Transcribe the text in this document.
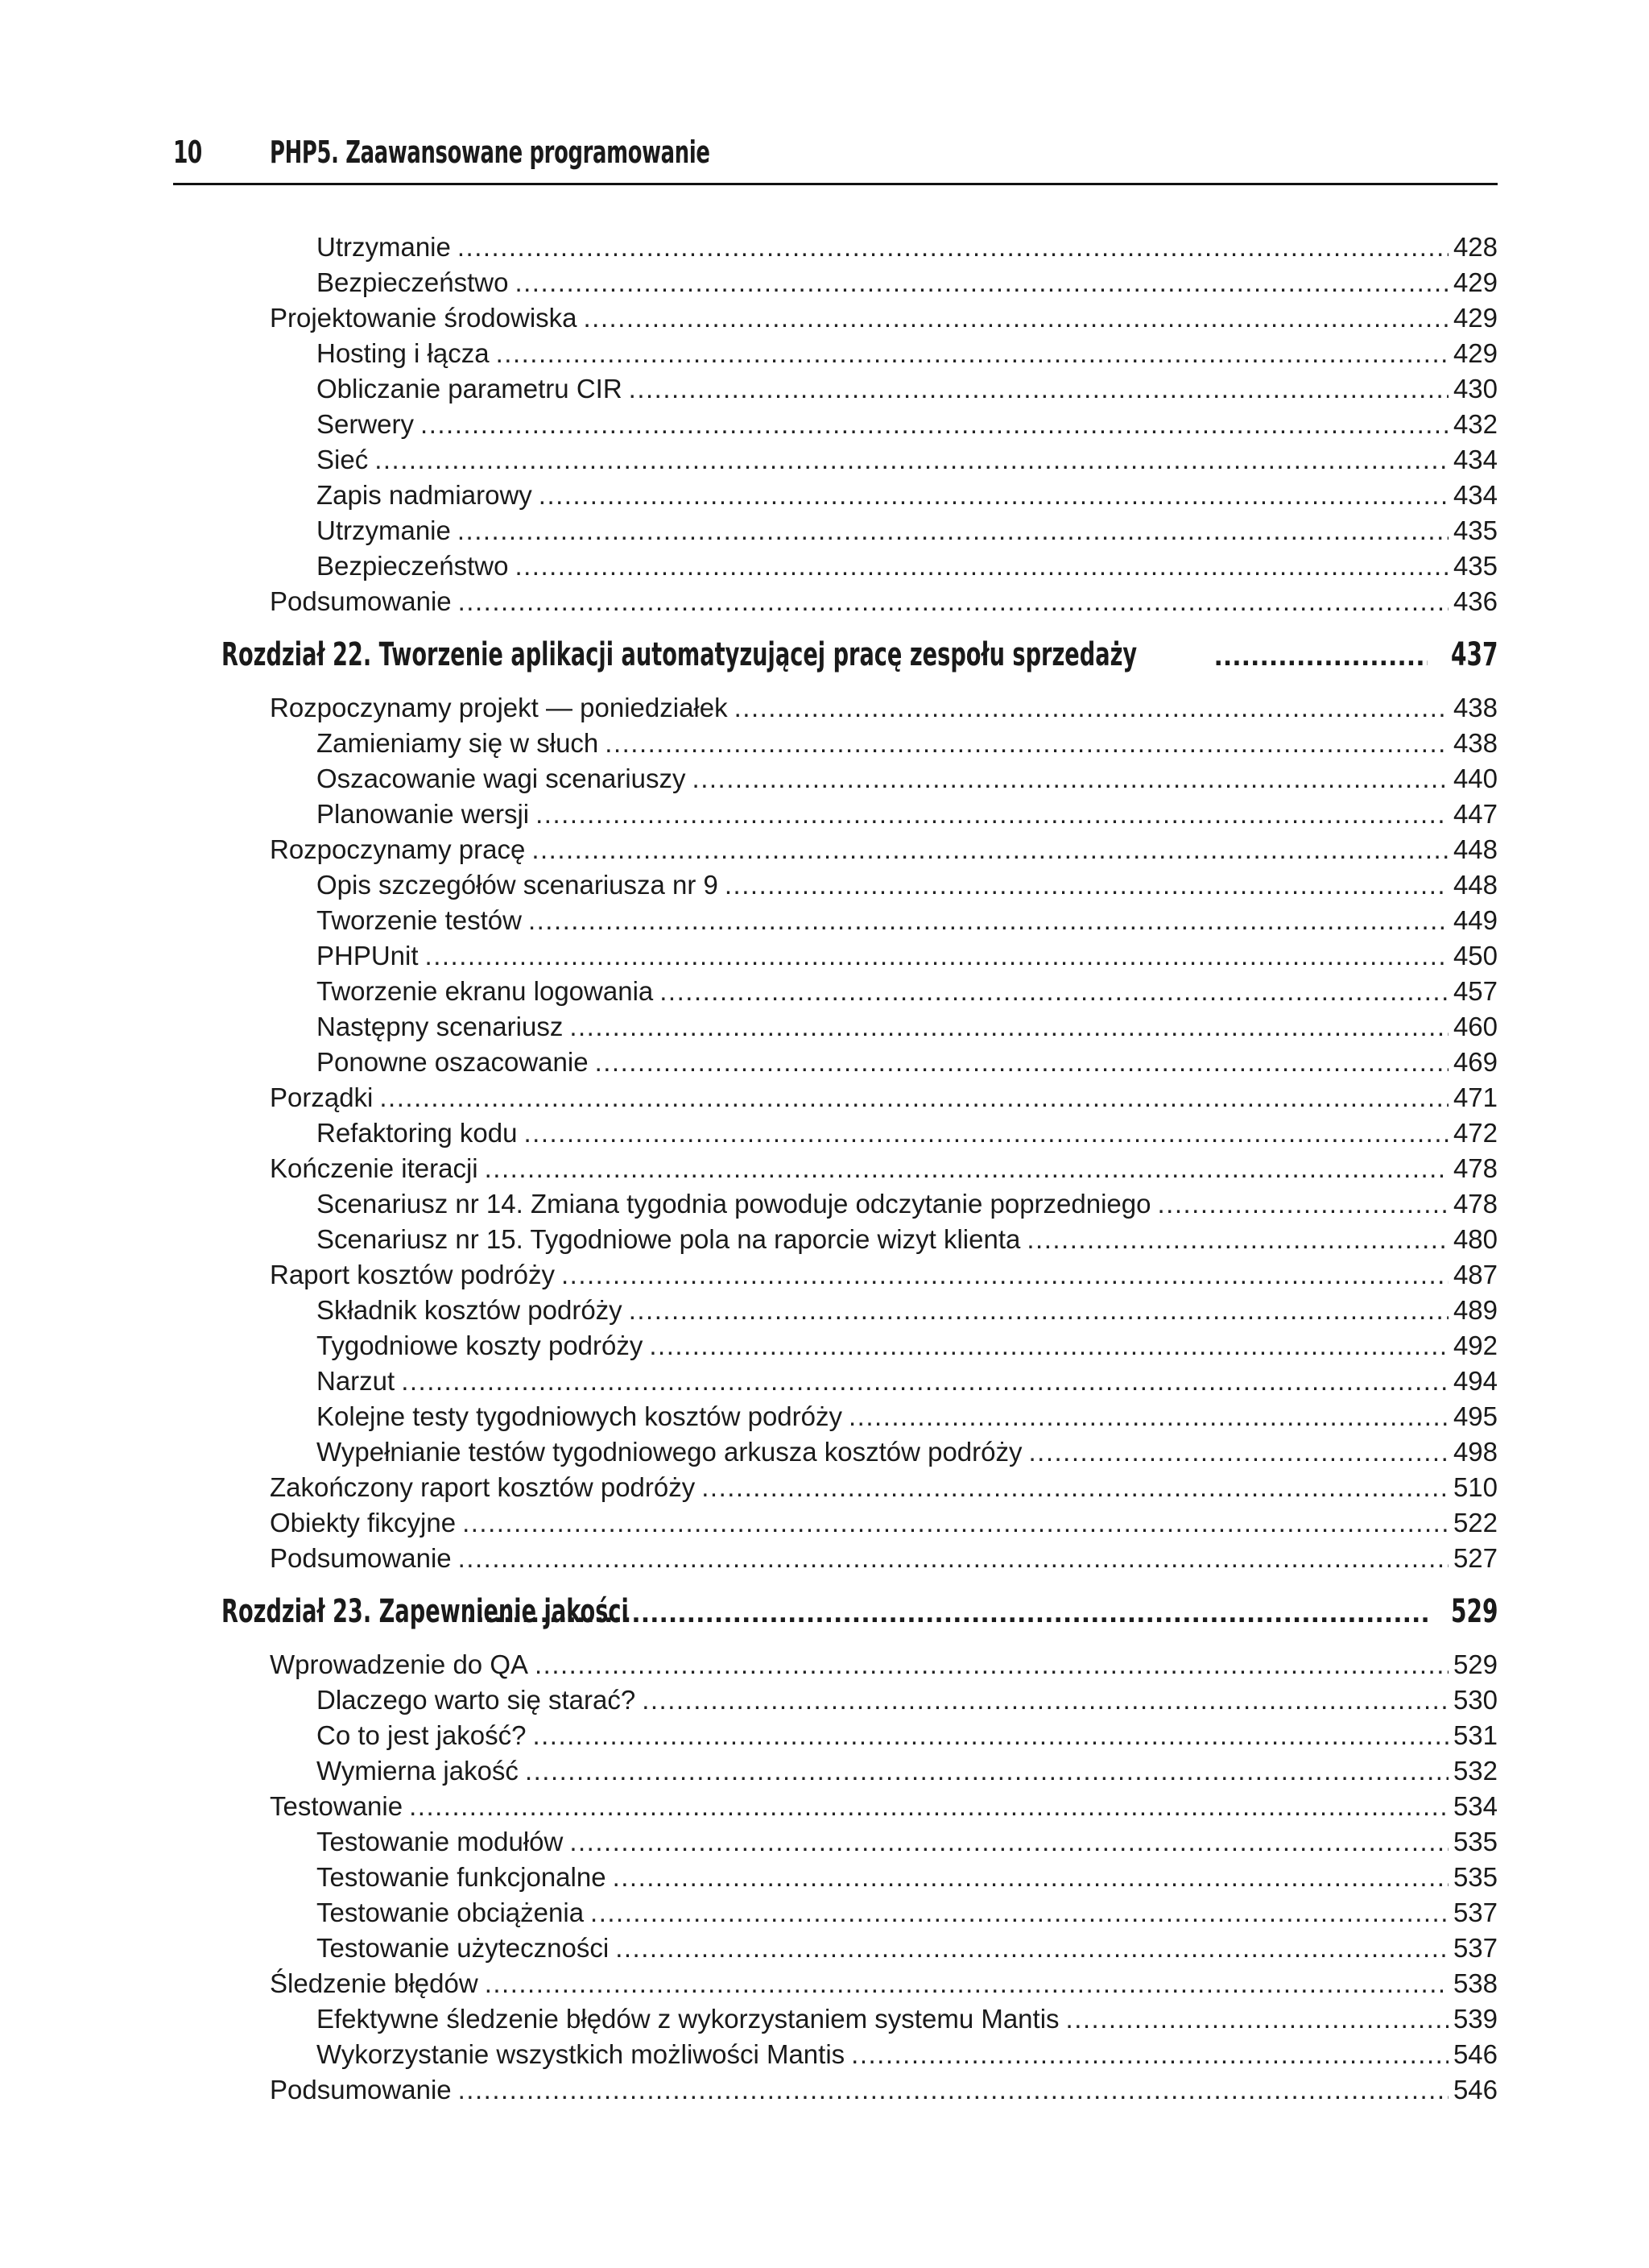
10 PHP5. Zaawansowane programowanie
Utrzymanie .....	428
Bezpieczeństwo .....	429
Projektowanie środowiska .....	429
Hosting i łącza .....	429
Obliczanie parametru CIR .....	430
Serwery .....	432
Sieć .....	434
Zapis nadmiarowy .....	434
Utrzymanie .....	435
Bezpieczeństwo .....	435
Podsumowanie .....	436
Rozdział 22. Tworzenie aplikacji automatyzującej pracę zespołu sprzedaży .....	437
Rozpoczynamy projekt — poniedziałek .....	438
Zamieniamy się w słuch .....	438
Oszacowanie wagi scenariuszy .....	440
Planowanie wersji .....	447
Rozpoczynamy pracę .....	448
Opis szczegółów scenariusza nr 9 .....	448
Tworzenie testów .....	449
PHPUnit .....	450
Tworzenie ekranu logowania .....	457
Następny scenariusz .....	460
Ponowne oszacowanie .....	469
Porządki .....	471
Refaktoring kodu .....	472
Kończenie iteracji .....	478
Scenariusz nr 14. Zmiana tygodnia powoduje odczytanie poprzedniego .....	478
Scenariusz nr 15. Tygodniowe pola na raporcie wizyt klienta .....	480
Raport kosztów podróży .....	487
Składnik kosztów podróży .....	489
Tygodniowe koszty podróży .....	492
Narzut .....	494
Kolejne testy tygodniowych kosztów podróży .....	495
Wypełnianie testów tygodniowego arkusza kosztów podróży .....	498
Zakończony raport kosztów podróży .....	510
Obiekty fikcyjne .....	522
Podsumowanie .....	527
Rozdział 23. Zapewnienie jakości .....	529
Wprowadzenie do QA .....	529
Dlaczego warto się starać? .....	530
Co to jest jakość? .....	531
Wymierna jakość .....	532
Testowanie .....	534
Testowanie modułów .....	535
Testowanie funkcjonalne .....	535
Testowanie obciążenia .....	537
Testowanie użyteczności .....	537
Śledzenie błędów .....	538
Efektywne śledzenie błędów z wykorzystaniem systemu Mantis .....	539
Wykorzystanie wszystkich możliwości Mantis .....	546
Podsumowanie .....	546
